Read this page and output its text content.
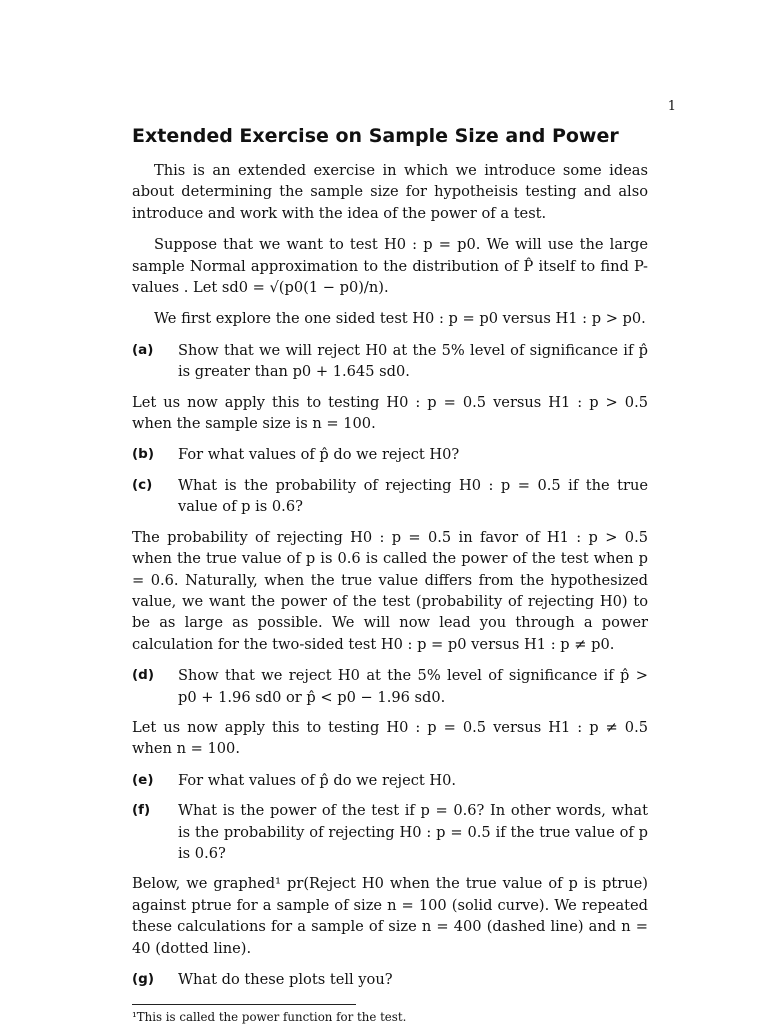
1
Extended Exercise on Sample Size and Power

This is an extended exercise in which we introduce some ideas about determining the sample size for hypotheisis testing and also introduce and work with the idea of the power of a test.

Suppose that we want to test H0 : p = p0. We will use the large sample Normal approximation to the distribution of P̂ itself to find P-values . Let sd0 = √(p0(1 − p0)/n).

We first explore the one sided test H0 : p = p0 versus H1 : p > p0.

(a)	Show that we will reject H0 at the 5% level of significance if p̂ is greater than p0 + 1.645 sd0.

Let us now apply this to testing H0 : p = 0.5 versus H1 : p > 0.5 when the sample size is n = 100.

(b)	For what values of p̂ do we reject H0?
(c)	What is the probability of rejecting H0 : p = 0.5 if the true value of p is 0.6?

The probability of rejecting H0 : p = 0.5 in favor of H1 : p > 0.5 when the true value of p is 0.6 is called the power of the test when p = 0.6. Naturally, when the true value differs from the hypothesized value, we want the power of the test (probability of rejecting H0) to be as large as possible. We will now lead you through a power calculation for the two-sided test H0 : p = p0 versus H1 : p ≠ p0.

(d)	Show that we reject H0 at the 5% level of significance if p̂ > p0 + 1.96 sd0 or p̂ < p0 − 1.96 sd0.

Let us now apply this to testing H0 : p = 0.5 versus H1 : p ≠ 0.5 when n = 100.

(e)	For what values of p̂ do we reject H0.
(f)	What is the power of the test if p = 0.6? In other words, what is the probability of rejecting H0 : p = 0.5 if the true value of p is 0.6?

Below, we graphed¹ pr(Reject H0 when the true value of p is ptrue) against ptrue for a sample of size n = 100 (solid curve). We repeated these calculations for a sample of size n = 400 (dashed line) and n = 40 (dotted line).

(g)	What do these plots tell you?
¹This is called the power function for the test.
